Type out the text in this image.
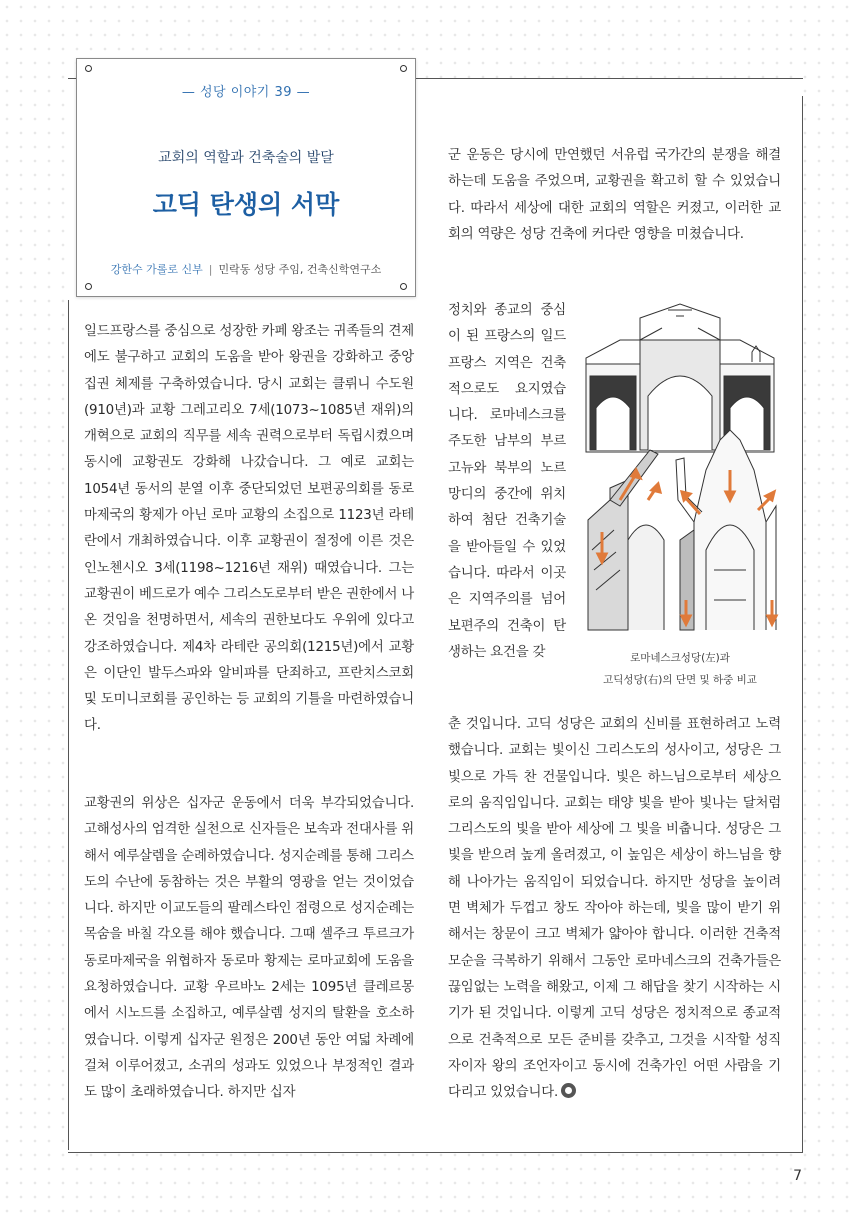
— 성당 이야기 39 —
교회의 역할과 건축술의 발달
고딕 탄생의 서막
강한수 가롤로 신부 | 민락동 성당 주임, 건축신학연구소

일드프랑스를 중심으로 성장한 카페 왕조는 귀족들의 견제에도 불구하고 교회의 도움을 받아 왕권을 강화하고 중앙집권 체제를 구축하였습니다. 당시 교회는 클뤼니 수도원(910년)과 교황 그레고리오 7세(1073~1085년 재위)의 개혁으로 교회의 직무를 세속 권력으로부터 독립시켰으며 동시에 교황권도 강화해 나갔습니다. 그 예로 교회는 1054년 동서의 분열 이후 중단되었던 보편공의회를 동로마제국의 황제가 아닌 로마 교황의 소집으로 1123년 라테란에서 개최하였습니다. 이후 교황권이 절정에 이른 것은 인노첸시오 3세(1198~1216년 재위) 때였습니다. 그는 교황권이 베드로가 예수 그리스도로부터 받은 권한에서 나온 것임을 천명하면서, 세속의 권한보다도 우위에 있다고 강조하였습니다. 제4차 라테란 공의회(1215년)에서 교황은 이단인 발두스파와 알비파를 단죄하고, 프란치스코회 및 도미니코회를 공인하는 등 교회의 기틀을 마련하였습니다.

교황권의 위상은 십자군 운동에서 더욱 부각되었습니다. 고해성사의 엄격한 실천으로 신자들은 보속과 전대사를 위해서 예루살렘을 순례하였습니다. 성지순례를 통해 그리스도의 수난에 동참하는 것은 부활의 영광을 얻는 것이었습니다. 하지만 이교도들의 팔레스타인 점령으로 성지순례는 목숨을 바칠 각오를 해야 했습니다. 그때 셀주크 투르크가 동로마제국을 위협하자 동로마 황제는 로마교회에 도움을 요청하였습니다. 교황 우르바노 2세는 1095년 클레르몽에서 시노드를 소집하고, 예루살렘 성지의 탈환을 호소하였습니다. 이렇게 십자군 원정은 200년 동안 여덟 차례에 걸쳐 이루어졌고, 소귀의 성과도 있었으나 부정적인 결과도 많이 초래하였습니다. 하지만 십자

군 운동은 당시에 만연했던 서유럽 국가간의 분쟁을 해결하는데 도움을 주었으며, 교황권을 확고히 할 수 있었습니다. 따라서 세상에 대한 교회의 역할은 커졌고, 이러한 교회의 역량은 성당 건축에 커다란 영향을 미쳤습니다.

정치와 종교의 중심이 된 프랑스의 일드프랑스 지역은 건축적으로도 요지였습니다. 로마네스크를 주도한 남부의 부르고뉴와 북부의 노르망디의 중간에 위치하여 첨단 건축기술을 받아들일 수 있었습니다. 따라서 이곳은 지역주의를 넘어 보편주의 건축이 탄생하는 요건을 갖

춘 것입니다. 고딕 성당은 교회의 신비를 표현하려고 노력했습니다. 교회는 빛이신 그리스도의 성사이고, 성당은 그 빛으로 가득 찬 건물입니다. 빛은 하느님으로부터 세상으로의 움직임입니다. 교회는 태양 빛을 받아 빛나는 달처럼 그리스도의 빛을 받아 세상에 그 빛을 비춥니다. 성당은 그 빛을 받으려 높게 올려졌고, 이 높임은 세상이 하느님을 향해 나아가는 움직임이 되었습니다. 하지만 성당을 높이려면 벽체가 두껍고 창도 작아야 하는데, 빛을 많이 받기 위해서는 창문이 크고 벽체가 얇아야 합니다. 이러한 건축적 모순을 극복하기 위해서 그동안 로마네스크의 건축가들은 끊임없는 노력을 해왔고, 이제 그 해답을 찾기 시작하는 시기가 된 것입니다. 이렇게 고딕 성당은 정치적으로 종교적으로 건축적으로 모든 준비를 갖추고, 그것을 시작할 성직자이자 왕의 조언자이고 동시에 건축가인 어떤 사람을 기다리고 있었습니다.

로마네스크성당(左)과
고딕성당(右)의 단면 및 하중 비교
7
